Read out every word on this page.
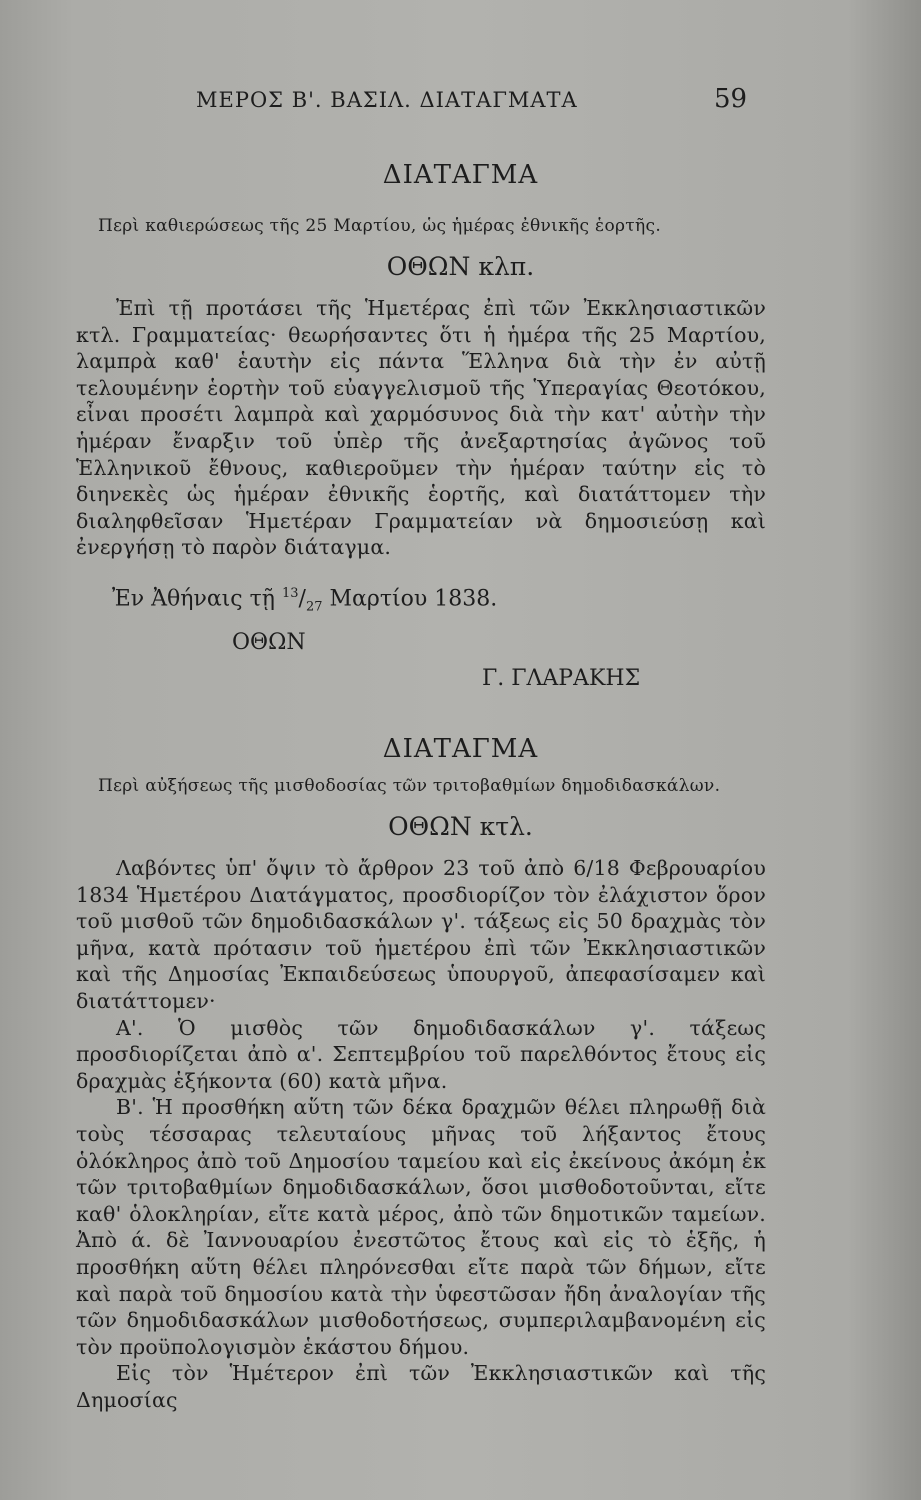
ΜΕΡΟΣ Β'. ΒΑΣΙΛ. ΔΙΑΤΑΓΜΑΤΑ	59
ΔΙΑΤΑΓΜΑ
Περὶ καθιερώσεως τῆς 25 Μαρτίου, ὡς ἡμέρας ἐθνικῆς ἑορτῆς.
ΟΘΩΝ κλπ.

Ἐπὶ τῇ προτάσει τῆς Ἡμετέρας ἐπὶ τῶν Ἐκκλησιαστικῶν κτλ. Γραμματείας· θεωρήσαντες ὅτι ἡ ἡμέρα τῆς 25 Μαρτίου, λαμπρὰ καθ' ἑαυτὴν εἰς πάντα Ἕλληνα διὰ τὴν ἐν αὐτῇ τελουμένην ἑορτὴν τοῦ εὐαγγελισμοῦ τῆς Ὑπεραγίας Θεοτόκου, εἶναι προσέτι λαμπρὰ καὶ χαρμόσυνος διὰ τὴν κατ' αὐτὴν τὴν ἡμέραν ἔναρξιν τοῦ ὑπὲρ τῆς ἀνεξαρτησίας ἀγῶνος τοῦ Ἑλληνικοῦ ἔθνους, καθιεροῦμεν τὴν ἡμέραν ταύτην εἰς τὸ διηνεκὲς ὡς ἡμέραν ἐθνικῆς ἑορτῆς, καὶ διατάττομεν τὴν διαληφθεῖσαν Ἡμετέραν Γραμματείαν νὰ δημοσιεύσῃ καὶ ἐνεργήσῃ τὸ παρὸν διάταγμα.

Ἐν Ἀθήναις τῇ $^{13}/_{27}$ Μαρτίου 1838.
ΟΘΩΝ
Γ. ΓΛΑΡΑΚΗΣ
ΔΙΑΤΑΓΜΑ
Περὶ αὐξήσεως τῆς μισθοδοσίας τῶν τριτοβαθμίων δημοδιδασκάλων.
ΟΘΩΝ κτλ.

Λαβόντες ὑπ' ὄψιν τὸ ἄρθρον 23 τοῦ ἀπὸ 6/18 Φεβρουαρίου 1834 Ἡμετέρου Διατάγματος, προσδιορίζον τὸν ἐλάχιστον ὅρον τοῦ μισθοῦ τῶν δημοδιδασκάλων γ'. τάξεως εἰς 50 δραχμὰς τὸν μῆνα, κατὰ πρότασιν τοῦ ἡμετέρου ἐπὶ τῶν Ἐκκλησιαστικῶν καὶ τῆς Δημοσίας Ἐκπαιδεύσεως ὑπουργοῦ, ἀπεφασίσαμεν καὶ διατάττομεν·

Α'. Ὁ μισθὸς τῶν δημοδιδασκάλων γ'. τάξεως προσδιορίζεται ἀπὸ α'. Σεπτεμβρίου τοῦ παρελθόντος ἔτους εἰς δραχμὰς ἑξήκοντα (60) κατὰ μῆνα.

Β'. Ἡ προσθήκη αὕτη τῶν δέκα δραχμῶν θέλει πληρωθῇ διὰ τοὺς τέσσαρας τελευταίους μῆνας τοῦ λήξαντος ἔτους ὁλόκληρος ἀπὸ τοῦ Δημοσίου ταμείου καὶ εἰς ἐκείνους ἀκόμη ἐκ τῶν τριτοβαθμίων δημοδιδασκάλων, ὅσοι μισθοδοτοῦνται, εἴτε καθ' ὁλοκληρίαν, εἴτε κατὰ μέρος, ἀπὸ τῶν δημοτικῶν ταμείων. Ἀπὸ ά. δὲ Ἰαννουαρίου ἐνεστῶτος ἔτους καὶ εἰς τὸ ἑξῆς, ἡ προσθήκη αὕτη θέλει πληρόνεσθαι εἴτε παρὰ τῶν δήμων, εἴτε καὶ παρὰ τοῦ δημοσίου κατὰ τὴν ὑφεστῶσαν ἤδη ἀναλογίαν τῆς τῶν δημοδιδασκάλων μισθοδοτήσεως, συμπεριλαμβανομένη εἰς τὸν προϋπολογισμὸν ἑκάστου δήμου.

Εἰς τὸν Ἡμέτερον ἐπὶ τῶν Ἐκκλησιαστικῶν καὶ τῆς Δημοσίας
